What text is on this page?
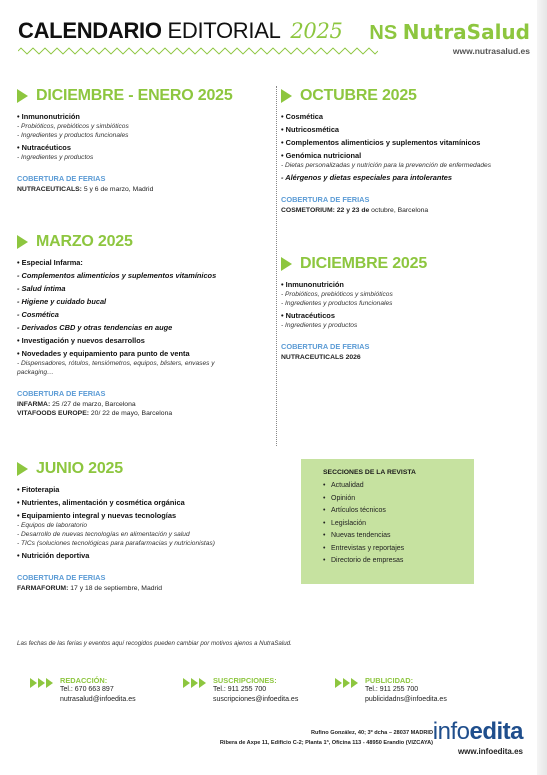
CALENDARIO EDITORIAL 2025 NS NutraSalud
www.nutrasalud.es
DICIEMBRE - ENERO 2025
• Inmunonutrición
- Probióticos, prebióticos y simbióticos
- Ingredientes y productos funcionales
• Nutracéuticos
- Ingredientes y productos
COBERTURA DE FERIAS
NUTRACEUTICALS: 5 y 6 de marzo, Madrid
MARZO 2025
• Especial Infarma:
- Complementos alimenticios y suplementos vitamínicos
- Salud íntima
- Higiene y cuidado bucal
- Cosmética
- Derivados CBD y otras tendencias en auge
• Investigación y nuevos desarrollos
• Novedades y equipamiento para punto de venta
- Dispensadores, rótulos, tensiómetros, equipos, blisters, envases y
packaging…
COBERTURA DE FERIAS
INFARMA: 25 /27 de marzo, Barcelona
VITAFOODS EUROPE: 20/ 22 de mayo, Barcelona
JUNIO 2025
• Fitoterapia
• Nutrientes, alimentación y cosmética orgánica
• Equipamiento integral y nuevas tecnologías
- Equipos de laboratorio
- Desarrollo de nuevas tecnologías en alimentación y salud
- TICs (soluciones tecnológicas para parafarmacias y nutricionistas)
• Nutrición deportiva
COBERTURA DE FERIAS
FARMAFORUM: 17 y 18 de septiembre, Madrid
OCTUBRE 2025
• Cosmética
• Nutricosmética
• Complementos alimenticios y suplementos vitamínicos
• Genómica nutricional
- Dietas personalizadas y nutrición para la prevención de enfermedades
- Alérgenos y dietas especiales para intolerantes
COBERTURA DE FERIAS
COSMETORIUM: 22 y 23 de octubre, Barcelona
DICIEMBRE 2025
• Inmunonutrición
- Probióticos, prebióticos y simbióticos
- Ingredientes y productos funcionales
• Nutracéuticos
- Ingredientes y productos
COBERTURA DE FERIAS
NUTRACEUTICALS 2026
SECCIONES DE LA REVISTA
• Actualidad
• Opinión
• Artículos técnicos
• Legislación
• Nuevas tendencias
• Entrevistas y reportajes
• Directorio de empresas
Las fechas de las ferias y eventos aquí recogidos pueden cambiar por motivos ajenos a NutraSalud.
REDACCIÓN:
Tel.: 670 663 897
nutrasalud@infoedita.es
SUSCRIPCIONES:
Tel.: 911 255 700
suscripciones@infoedita.es
PUBLICIDAD:
Tel.: 911 255 700
publicidadns@infoedita.es
Rufino González, 40; 3º dcha – 28037 MADRID
Ribera de Axpe 11, Edificio C-2; Planta 1ª, Oficina 113 - 48950 Erandio (VIZCAYA) infoedita
www.infoedita.es
